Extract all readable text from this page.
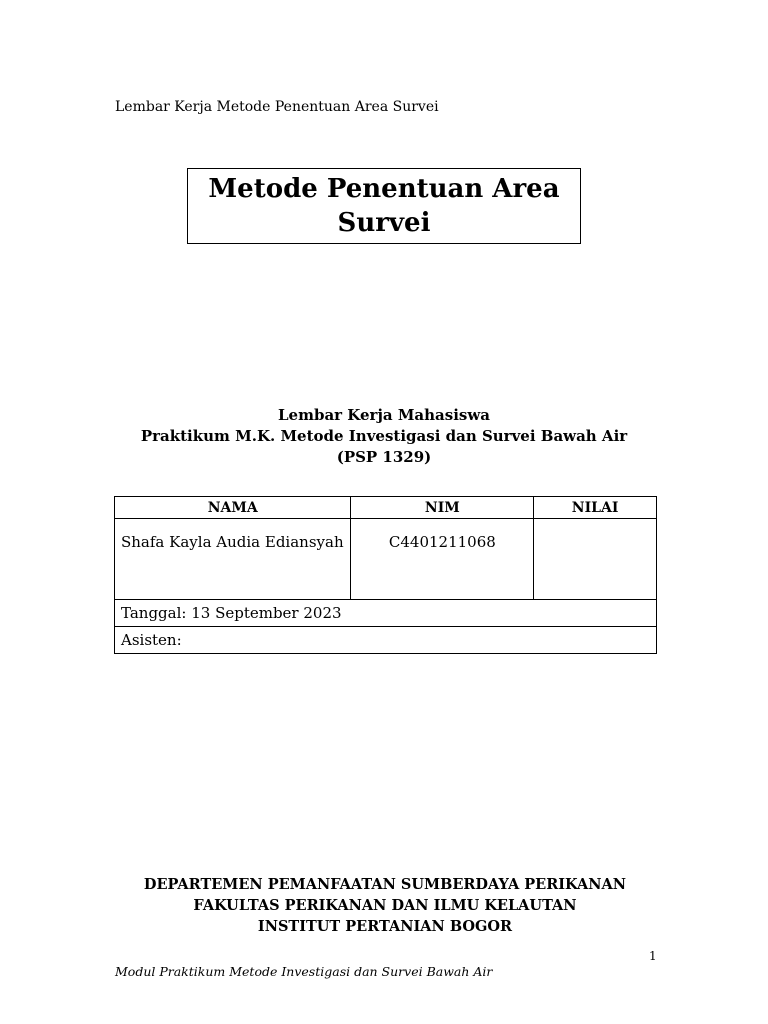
Lembar Kerja Metode Penentuan Area Survei
Metode Penentuan Area Survei
Lembar Kerja Mahasiswa
Praktikum M.K. Metode Investigasi dan Survei Bawah Air
(PSP 1329)
NAMA	NIM	NILAI
Shafa Kayla Audia Ediansyah	C4401211068	
Tanggal: 13 September 2023		
Asisten:		
DEPARTEMEN PEMANFAATAN SUMBERDAYA PERIKANAN
FAKULTAS PERIKANAN DAN ILMU KELAUTAN
INSTITUT PERTANIAN BOGOR
1
Modul Praktikum Metode Investigasi dan Survei Bawah Air
